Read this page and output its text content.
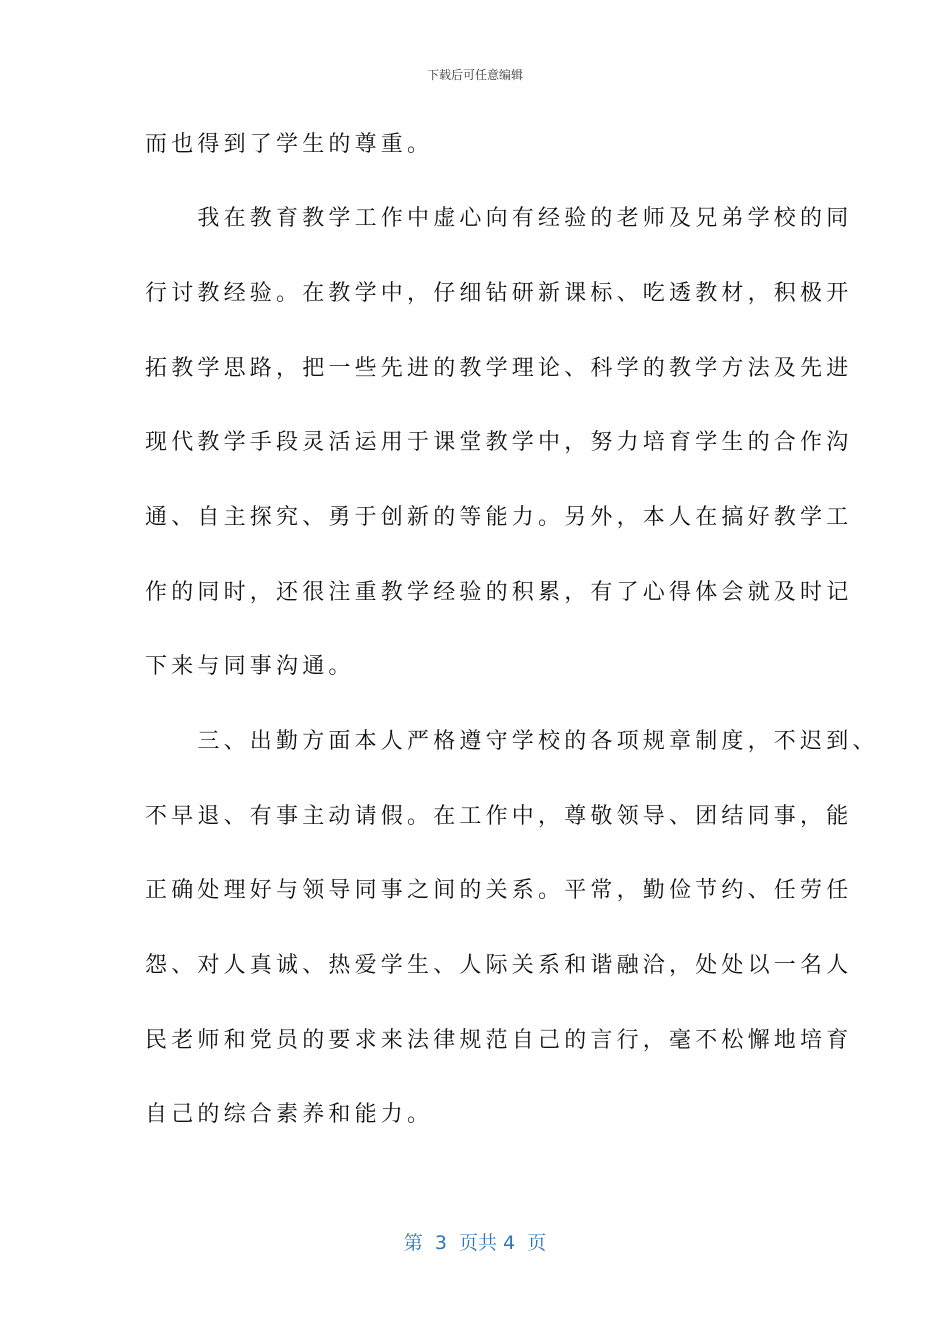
下载后可任意编辑
而也得到了学生的尊重。
　　我在教育教学工作中虚心向有经验的老师及兄弟学校的同
行讨教经验。在教学中，仔细钻研新课标、吃透教材，积极开
拓教学思路，把一些先进的教学理论、科学的教学方法及先进
现代教学手段灵活运用于课堂教学中，努力培育学生的合作沟
通、自主探究、勇于创新的等能力。另外，本人在搞好教学工
作的同时，还很注重教学经验的积累，有了心得体会就及时记
下来与同事沟通。
　　三、出勤方面本人严格遵守学校的各项规章制度，不迟到、
不早退、有事主动请假。在工作中，尊敬领导、团结同事，能
正确处理好与领导同事之间的关系。平常，勤俭节约、任劳任
怨、对人真诚、热爱学生、人际关系和谐融洽，处处以一名人
民老师和党员的要求来法律规范自己的言行，毫不松懈地培育
自己的综合素养和能力。
第  3  页共 4  页
